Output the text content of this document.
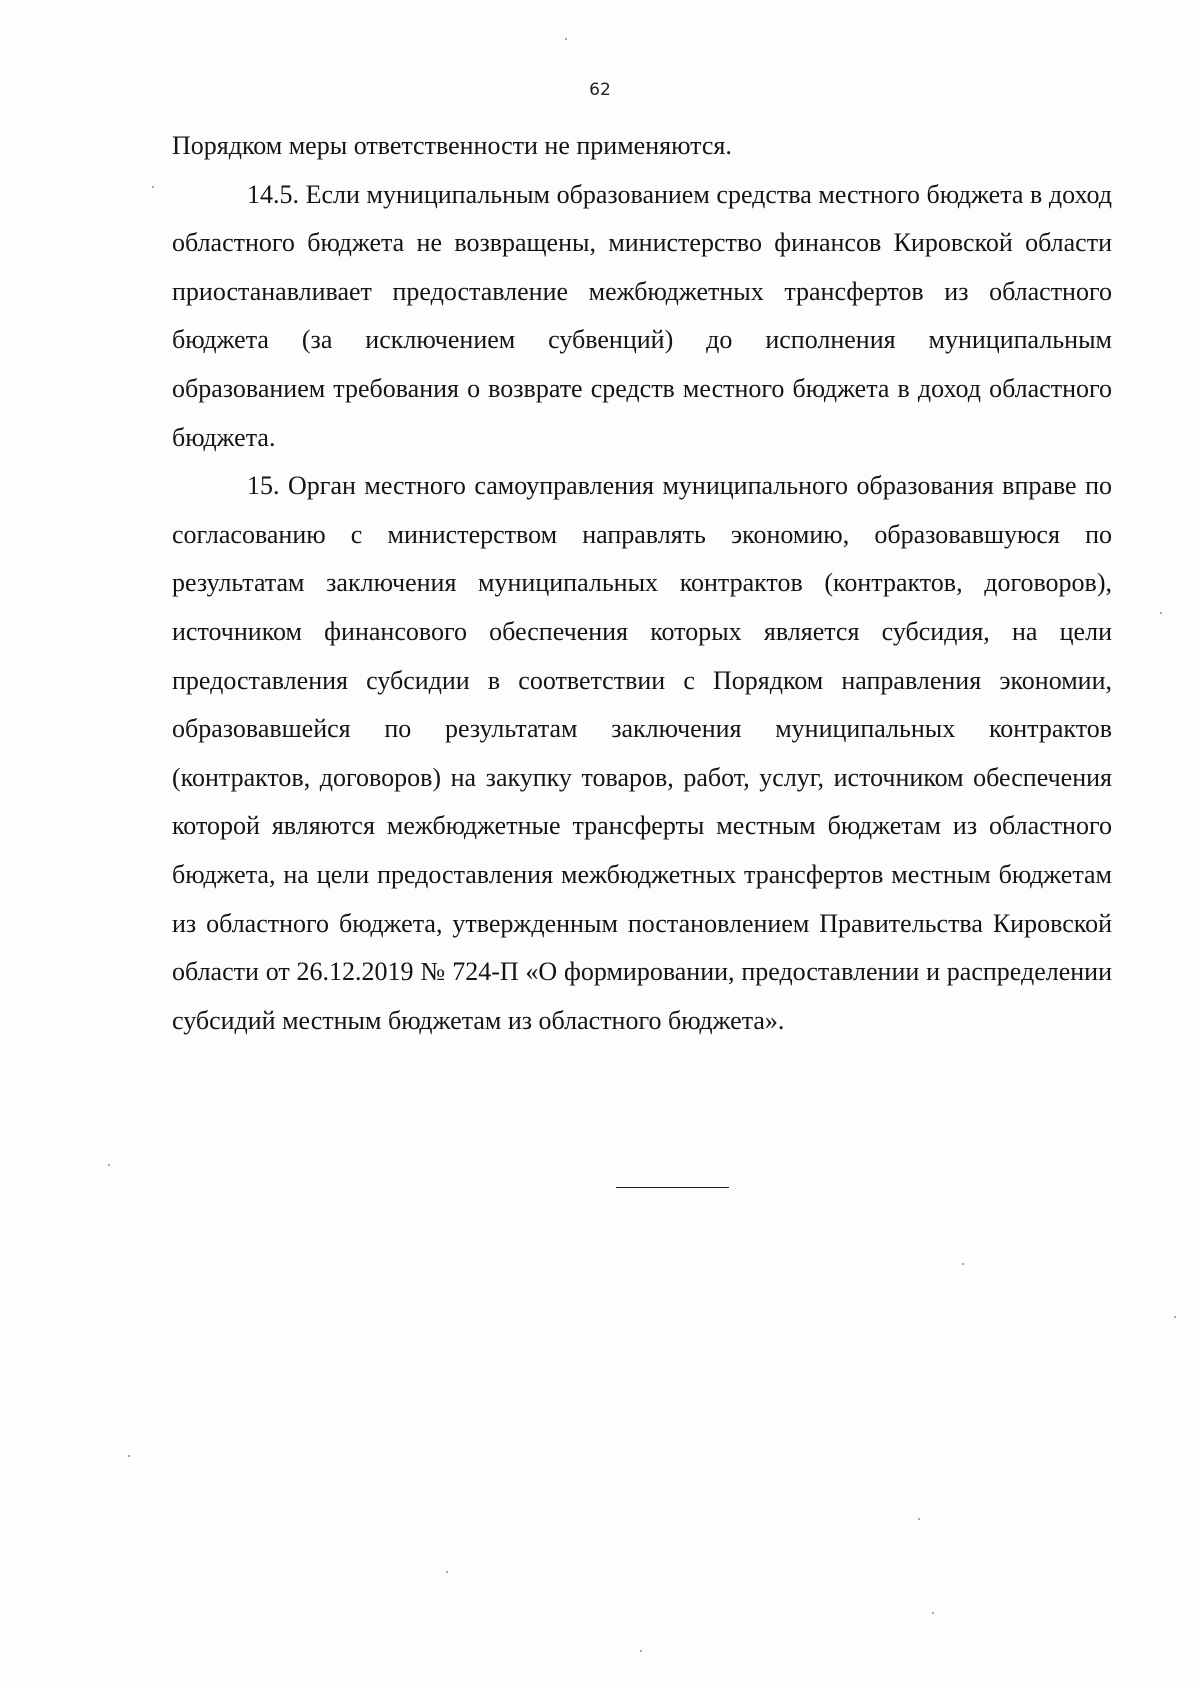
62

Порядком меры ответственности не применяются.

14.5. Если муниципальным образованием средства местного бюджета в доход областного бюджета не возвращены, министерство финансов Кировской области приостанавливает предоставление межбюджетных трансфертов из областного бюджета (за исключением субвенций) до исполнения муниципальным образованием требования о возврате средств местного бюджета в доход областного бюджета.

15. Орган местного самоуправления муниципального образования вправе по согласованию с министерством направлять экономию, образовавшуюся по результатам заключения муниципальных контрактов (контрактов, договоров), источником финансового обеспечения которых является субсидия, на цели предоставления субсидии в соответствии с Порядком направления экономии, образовавшейся по результатам заключения муниципальных контрактов (контрактов, договоров) на закупку товаров, работ, услуг, источником обеспечения которой являются межбюджетные трансферты местным бюджетам из областного бюджета, на цели предоставления межбюджетных трансфертов местным бюджетам из областного бюджета, утвержденным постановлением Правительства Кировской области от 26.12.2019 № 724-П «О формировании, предоставлении и распределении субсидий местным бюджетам из областного бюджета».
